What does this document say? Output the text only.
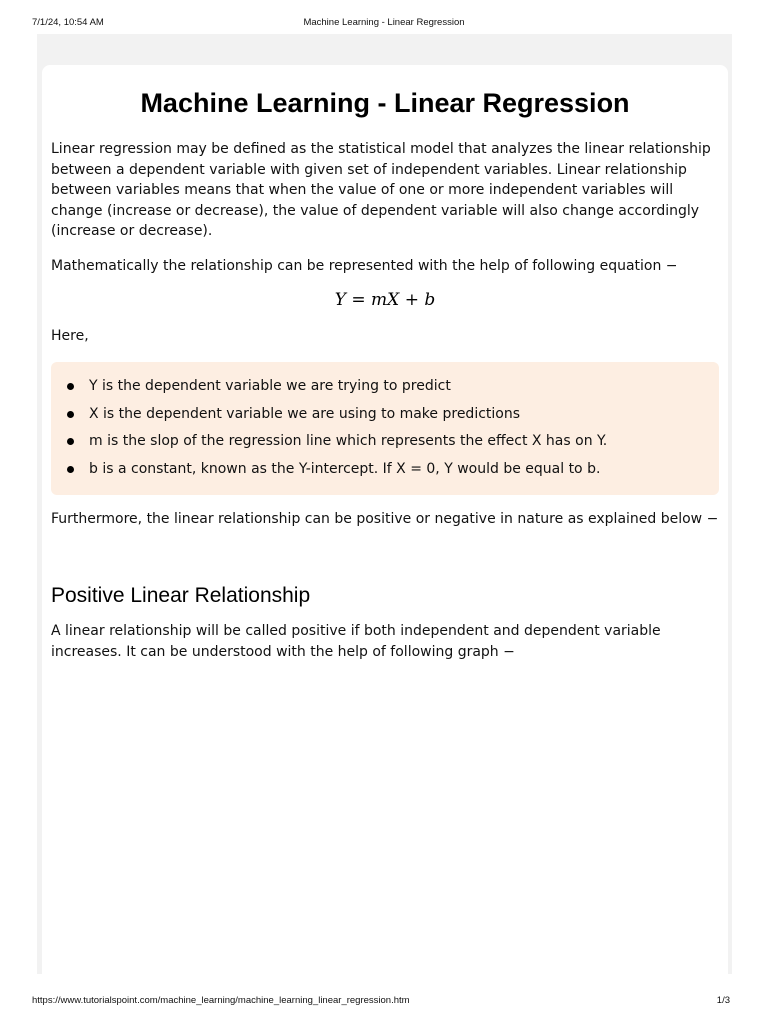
7/1/24, 10:54 AM	Machine Learning - Linear Regression
Machine Learning - Linear Regression

Linear regression may be defined as the statistical model that analyzes the linear relationship between a dependent variable with given set of independent variables. Linear relationship between variables means that when the value of one or more independent variables will change (increase or decrease), the value of dependent variable will also change accordingly (increase or decrease).

Mathematically the relationship can be represented with the help of following equation −

Y = mX + b

Here,

Y is the dependent variable we are trying to predict
X is the dependent variable we are using to make predictions
m is the slop of the regression line which represents the effect X has on Y.
b is a constant, known as the Y-intercept. If X = 0, Y would be equal to b.

Furthermore, the linear relationship can be positive or negative in nature as explained below −

Positive Linear Relationship

A linear relationship will be called positive if both independent and dependent variable increases. It can be understood with the help of following graph −

https://www.tutorialspoint.com/machine_learning/machine_learning_linear_regression.htm	1/3
